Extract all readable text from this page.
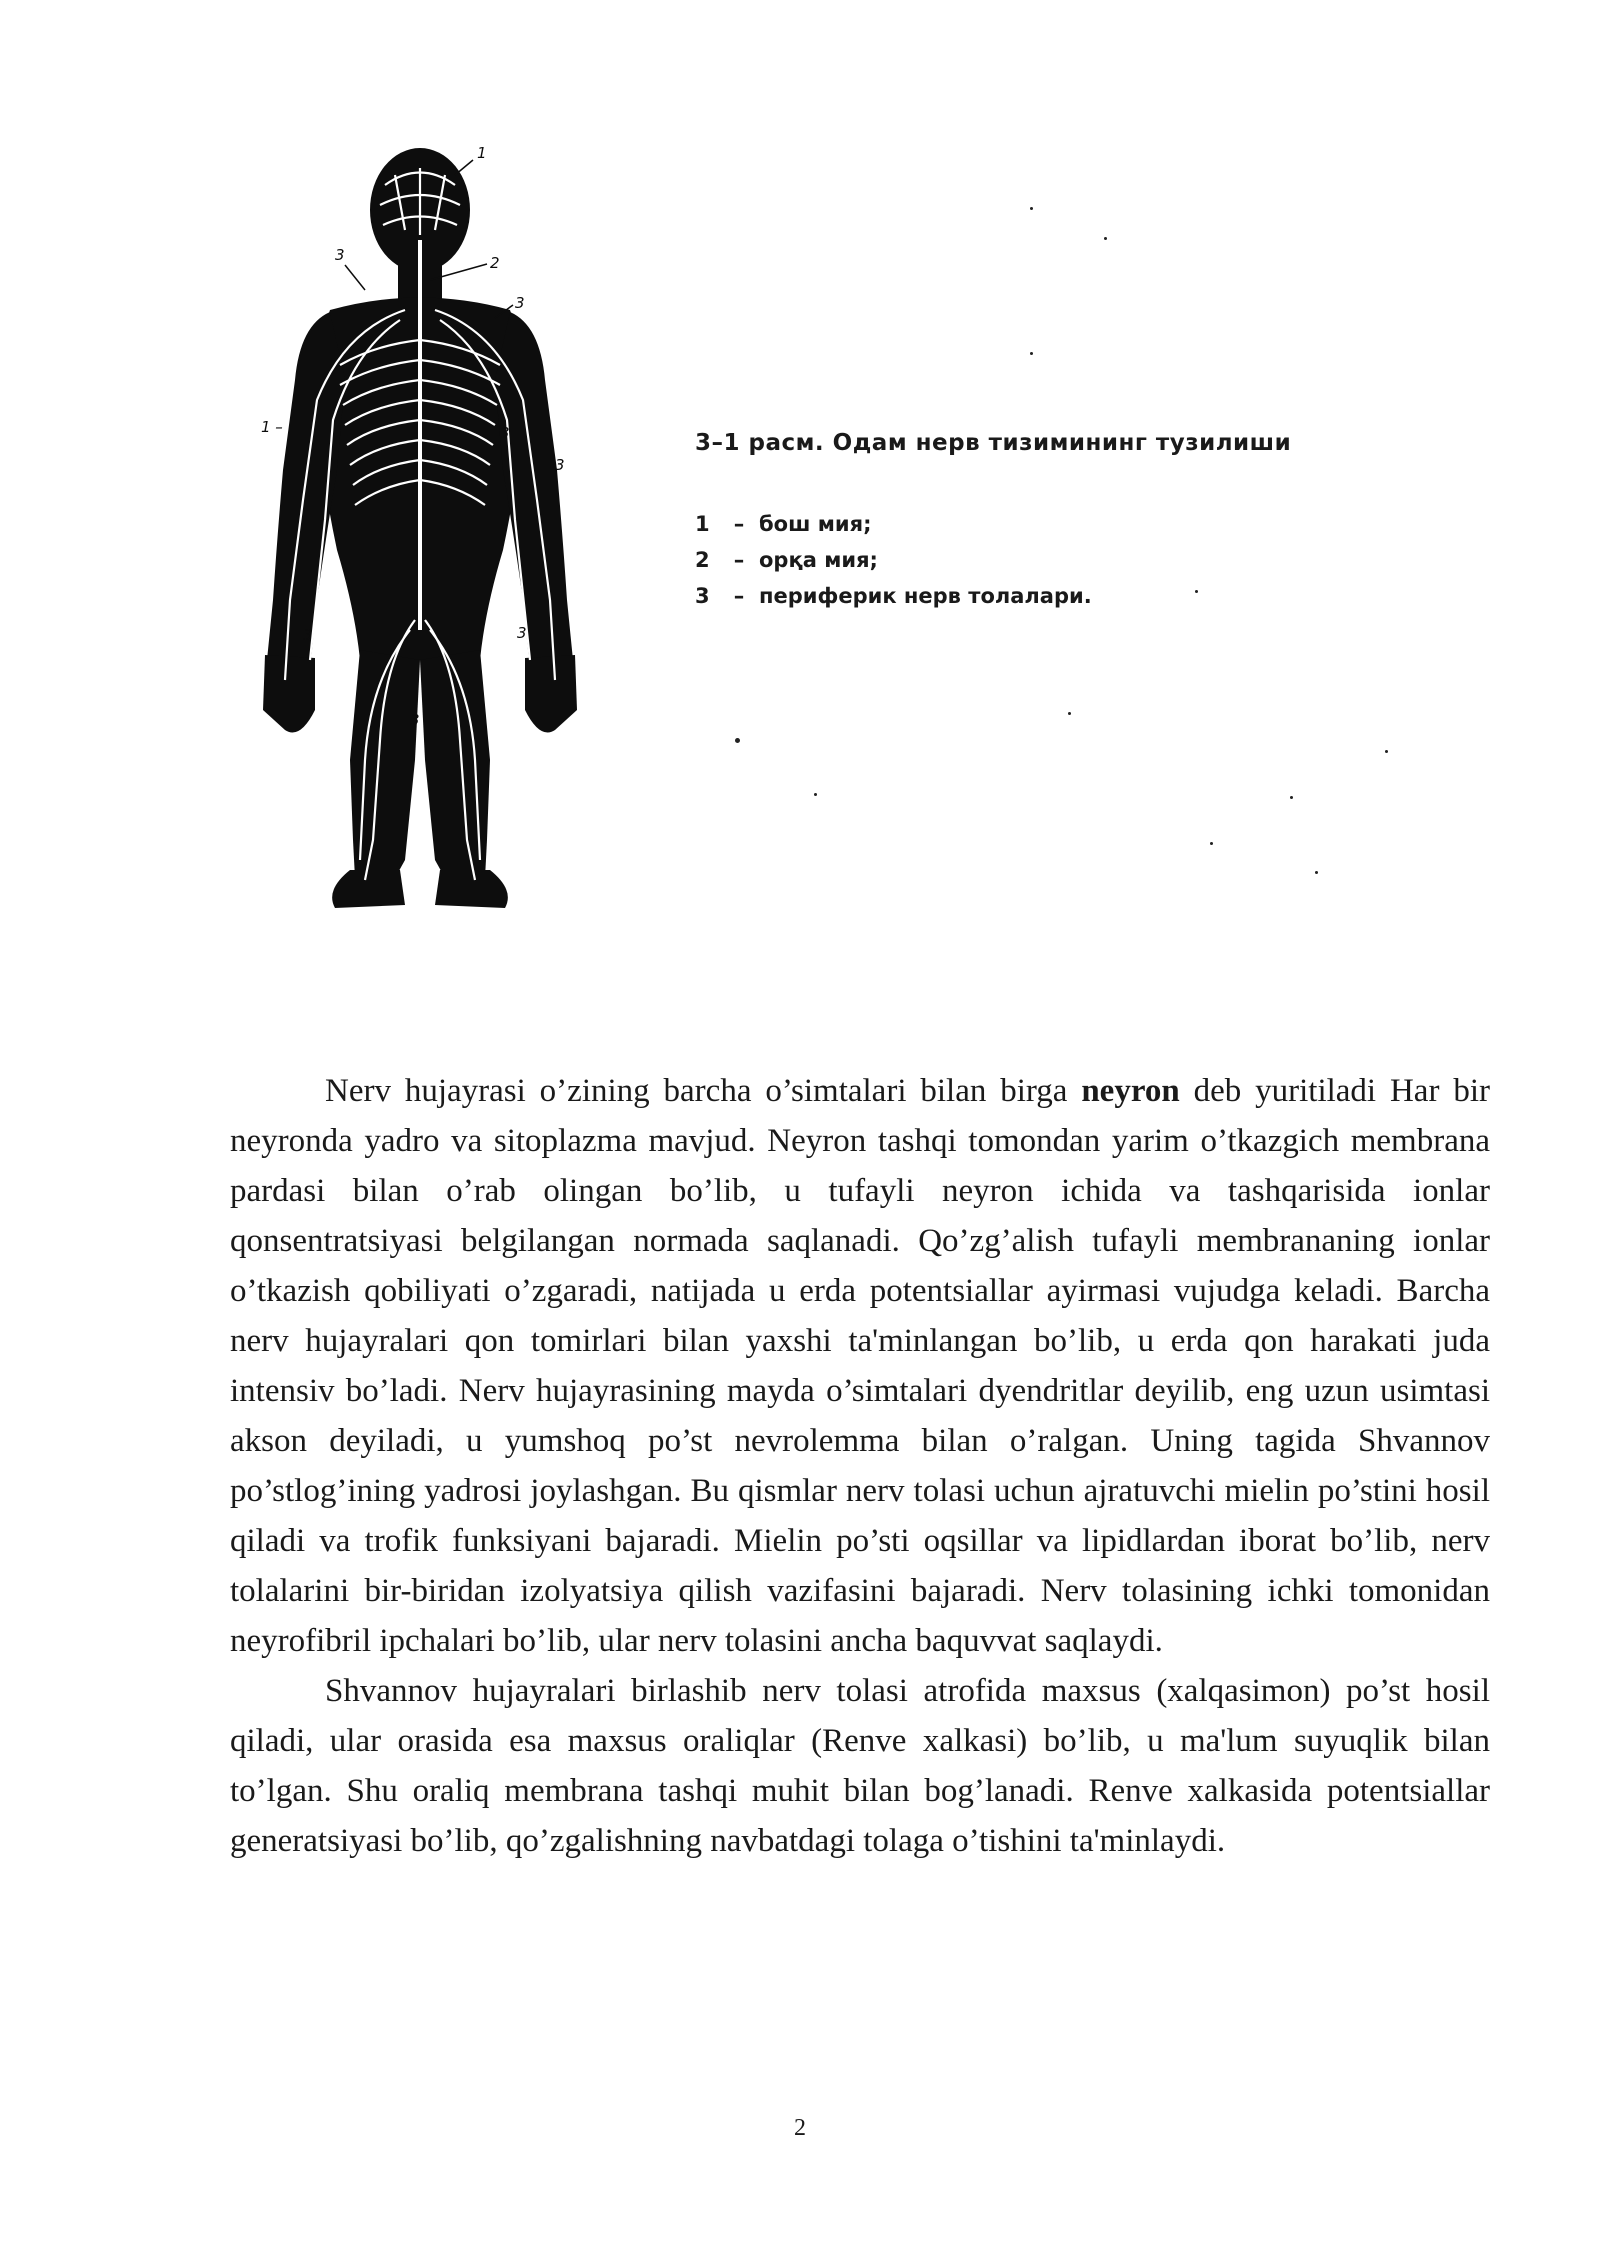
1
2
3
3
1 –	3
3
3	3
3
3–1 расм. Одам нерв тизимининг тузилиши
1 – бош мия;
2 – орқа мия;
3 – периферик нерв толалари.

Nerv hujayrasi o’zining barcha o’simtalari bilan birga neyron deb yuritiladi Har bir neyronda yadro va sitoplazma mavjud. Neyron tashqi tomondan yarim o’tkazgich membrana pardasi bilan o’rab olingan bo’lib, u tufayli neyron ichida va tashqarisida ionlar qonsentratsiyasi belgilangan normada saqlanadi. Qo’zg’alish tufayli membrananing ionlar o’tkazish qobiliyati o’zgaradi, natijada u erda potentsiallar ayirmasi vujudga keladi. Barcha nerv hujayralari qon tomirlari bilan yaxshi ta'minlangan bo’lib, u erda qon harakati juda intensiv bo’ladi. Nerv hujayrasining mayda o’simtalari dyendritlar deyilib, eng uzun usimtasi akson deyiladi, u yumshoq po’st nevrolemma bilan o’ralgan. Uning tagida Shvannov po’stlog’ining yadrosi joylashgan. Bu qismlar nerv tolasi uchun ajratuvchi mielin po’stini hosil qiladi va trofik funksiyani bajaradi. Mielin po’sti oqsillar va lipidlardan iborat bo’lib, nerv tolalarini bir-biridan izolyatsiya qilish vazifasini bajaradi. Nerv tolasining ichki tomonidan neyrofibril ipchalari bo’lib, ular nerv tolasini ancha baquvvat saqlaydi.

Shvannov hujayralari birlashib nerv tolasi atrofida maxsus (xalqasimon) po’st hosil qiladi, ular orasida esa maxsus oraliqlar (Renve xalkasi) bo’lib, u ma'lum suyuqlik bilan to’lgan. Shu oraliq membrana tashqi muhit bilan bog’lanadi. Renve xalkasida potentsiallar generatsiyasi bo’lib, qo’zgalishning navbatdagi tolaga o’tishini ta'minlaydi.

2
